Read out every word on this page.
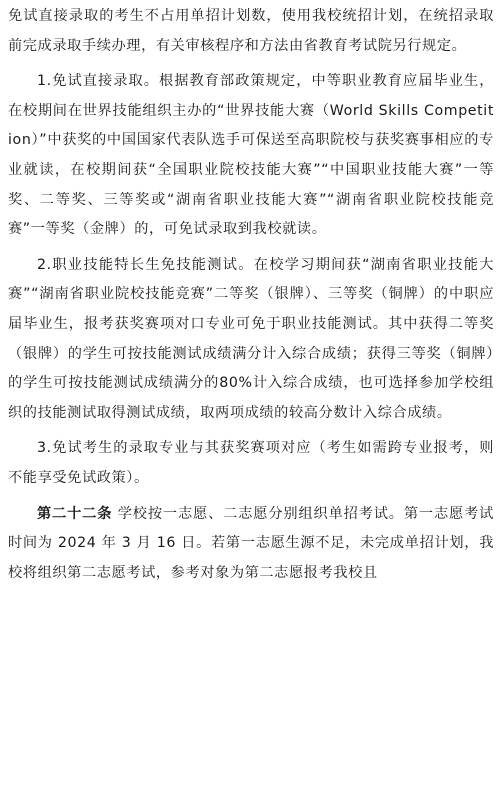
免试直接录取的考生不占用单招计划数，使用我校统招计划，在统招录取前完成录取手续办理，有关审核程序和方法由省教育考试院另行规定。

1.免试直接录取。根据教育部政策规定，中等职业教育应届毕业生，在校期间在世界技能组织主办的“世界技能大赛（World Skills Competition）”中获奖的中国国家代表队选手可保送至高职院校与获奖赛事相应的专业就读，在校期间获“全国职业院校技能大赛”“中国职业技能大赛”一等奖、二等奖、三等奖或“湖南省职业技能大赛”“湖南省职业院校技能竞赛”一等奖（金牌）的，可免试录取到我校就读。

2.职业技能特长生免技能测试。在校学习期间获“湖南省职业技能大赛”“湖南省职业院校技能竞赛”二等奖（银牌）、三等奖（铜牌）的中职应届毕业生，报考获奖赛项对口专业可免于职业技能测试。其中获得二等奖（银牌）的学生可按技能测试成绩满分计入综合成绩；获得三等奖（铜牌）的学生可按技能测试成绩满分的80%计入综合成绩，也可选择参加学校组织的技能测试取得测试成绩，取两项成绩的较高分数计入综合成绩。

3.免试考生的录取专业与其获奖赛项对应（考生如需跨专业报考，则不能享受免试政策）。

第二十二条 学校按一志愿、二志愿分别组织单招考试。第一志愿考试时间为 2024 年 3 月 16 日。若第一志愿生源不足，未完成单招计划，我校将组织第二志愿考试，参考对象为第二志愿报考我校且
